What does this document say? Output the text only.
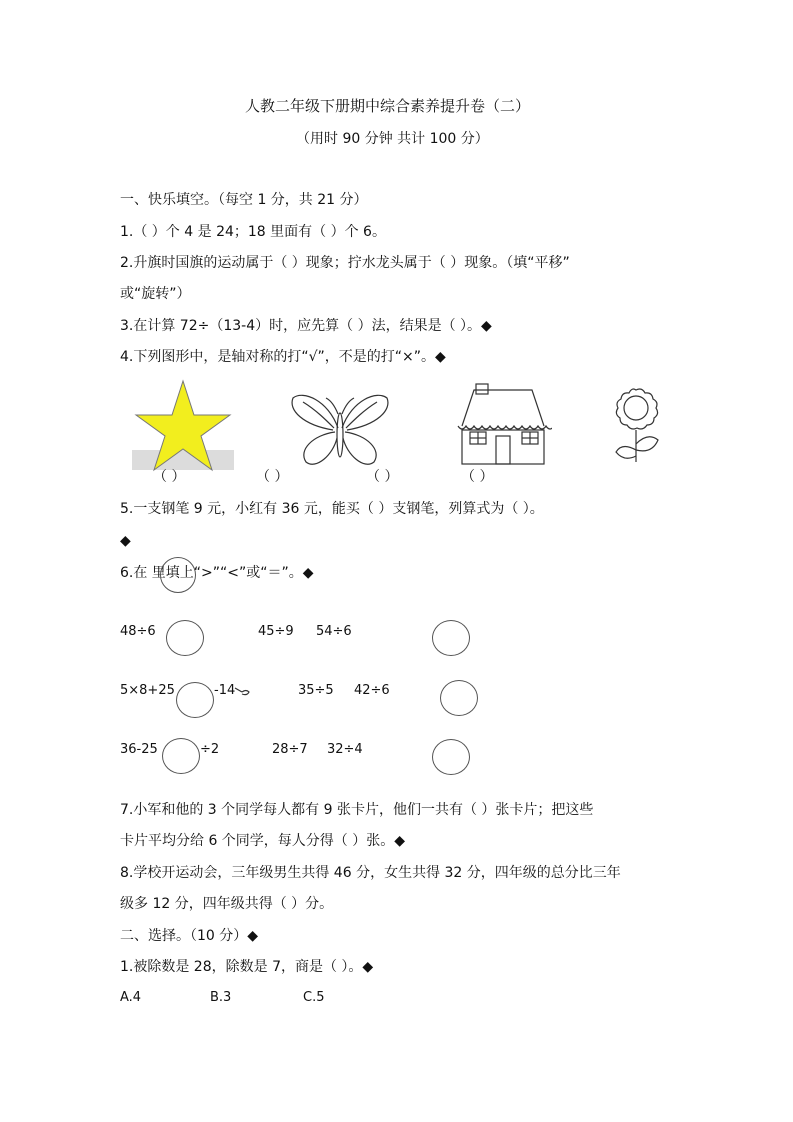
人教二年级下册期中综合素养提升卷（二）
（用时 90 分钟 共计 100 分）
一、快乐填空。（每空 1 分，共 21 分）
1.（ ）个 4 是 24；18 里面有（ ）个 6。
2.升旗时国旗的运动属于（ ）现象；拧水龙头属于（ ）现象。（填“平移”
或“旋转”）
3.在计算 72÷（13-4）时，应先算（ ）法，结果是（ ）。◆
4.下列图形中，是轴对称的打“√”，不是的打“×”。◆
（ ）	（ ）	（ ）	（ ）
5.一支钢笔 9 元，小红有 36 元，能买（ ）支钢笔，列算式为（ ）。
◆
6.在 里填上“>”“<”或“＝”。◆
48÷6	45÷9 54÷6
5×8+25	-14	35÷5 42÷6
36-25	÷2	28÷7 32÷4
7.小军和他的 3 个同学每人都有 9 张卡片，他们一共有（ ）张卡片；把这些
卡片平均分给 6 个同学，每人分得（ ）张。◆
8.学校开运动会，三年级男生共得 46 分，女生共得 32 分，四年级的总分比三年
级多 12 分，四年级共得（ ）分。
二、选择。（10 分）◆
1.被除数是 28，除数是 7，商是（ ）。◆
A.4	B.3	C.5
